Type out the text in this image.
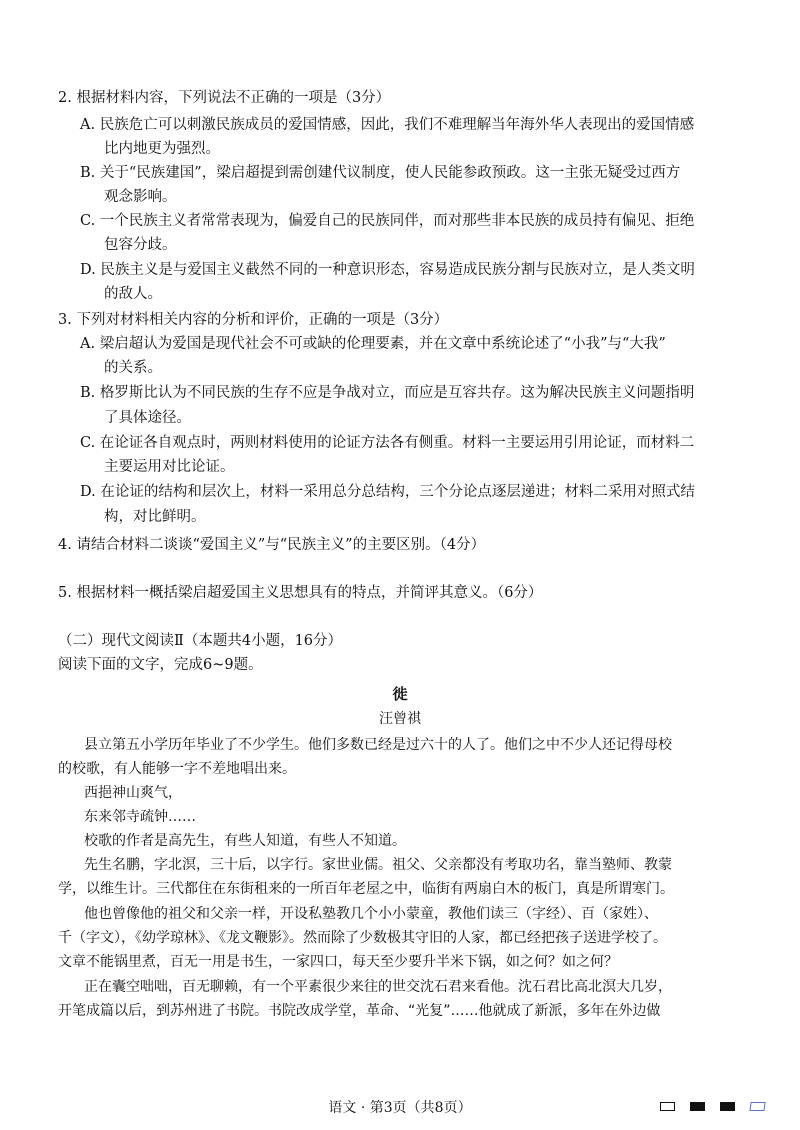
2. 根据材料内容，下列说法不正确的一项是（3分）
A. 民族危亡可以刺激民族成员的爱国情感，因此，我们不难理解当年海外华人表现出的爱国情感
比内地更为强烈。
B. 关于“民族建国”，梁启超提到需创建代议制度，使人民能参政预政。这一主张无疑受过西方
观念影响。
C. 一个民族主义者常常表现为，偏爱自己的民族同伴，而对那些非本民族的成员持有偏见、拒绝
包容分歧。
D. 民族主义是与爱国主义截然不同的一种意识形态，容易造成民族分割与民族对立，是人类文明
的敌人。
3. 下列对材料相关内容的分析和评价，正确的一项是（3分）
A. 梁启超认为爱国是现代社会不可或缺的伦理要素，并在文章中系统论述了“小我”与“大我”
的关系。
B. 格罗斯比认为不同民族的生存不应是争战对立，而应是互容共存。这为解决民族主义问题指明
了具体途径。
C. 在论证各自观点时，两则材料使用的论证方法各有侧重。材料一主要运用引用论证，而材料二
主要运用对比论证。
D. 在论证的结构和层次上，材料一采用总分总结构，三个分论点逐层递进；材料二采用对照式结
构，对比鲜明。
4. 请结合材料二谈谈“爱国主义”与“民族主义”的主要区别。（4分）
5. 根据材料一概括梁启超爱国主义思想具有的特点，并简评其意义。（6分）
（二）现代文阅读Ⅱ（本题共4小题，16分）
阅读下面的文字，完成6~9题。
徙
汪曾祺
县立第五小学历年毕业了不少学生。他们多数已经是过六十的人了。他们之中不少人还记得母校
的校歌，有人能够一字不差地唱出来。
西挹神山爽气，
东来邻寺疏钟……
校歌的作者是高先生，有些人知道，有些人不知道。
先生名鹏，字北溟，三十后，以字行。家世业儒。祖父、父亲都没有考取功名，靠当塾师、教蒙
学，以维生计。三代都住在东街租来的一所百年老屋之中，临街有两扇白木的板门，真是所谓寒门。
他也曾像他的祖父和父亲一样，开设私塾教几个小小蒙童，教他们读三（字经）、百（家姓）、
千（字文），《幼学琼林》、《龙文鞭影》。然而除了少数极其守旧的人家，都已经把孩子送进学校了。
文章不能锅里煮，百无一用是书生，一家四口，每天至少要升半米下锅，如之何？如之何？
正在囊空咄咄，百无聊赖，有一个平素很少来往的世交沈石君来看他。沈石君比高北溟大几岁，
开笔成篇以后，到苏州进了书院。书院改成学堂，革命、“光复”……他就成了新派，多年在外边做
语文 · 第3页（共8页）
